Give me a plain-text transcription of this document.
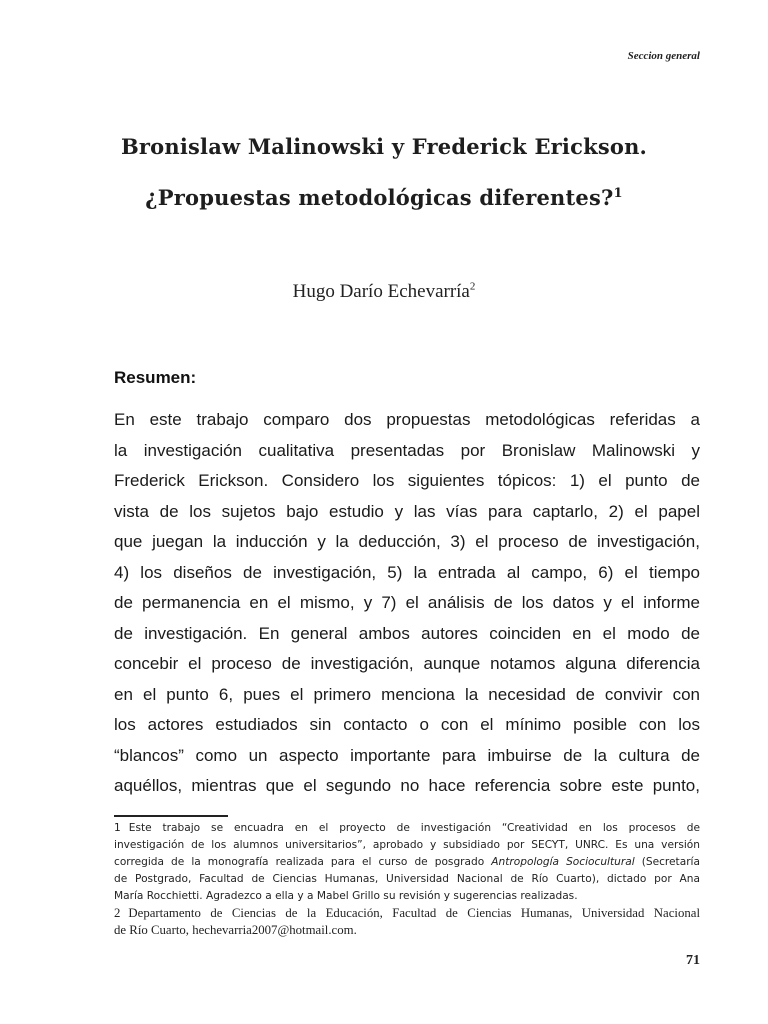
Seccion general
Bronislaw Malinowski y Frederick Erickson.
¿Propuestas metodológicas diferentes?$^1$
Hugo Darío Echevarría$^2$
Resumen:
En este trabajo comparo dos propuestas metodológicas referidas a
la investigación cualitativa presentadas por Bronislaw Malinowski y
Frederick Erickson. Considero los siguientes tópicos: 1) el punto de
vista de los sujetos bajo estudio y las vías para captarlo, 2) el papel
que juegan la inducción y la deducción, 3) el proceso de investigación,
4) los diseños de investigación, 5) la entrada al campo, 6) el tiempo
de permanencia en el mismo, y 7) el análisis de los datos y el informe
de investigación. En general ambos autores coinciden en el modo de
concebir el proceso de investigación, aunque notamos alguna diferencia
en el punto 6, pues el primero menciona la necesidad de convivir con
los actores estudiados sin contacto o con el mínimo posible con los
“blancos” como un aspecto importante para imbuirse de la cultura de
aquéllos, mientras que el segundo no hace referencia sobre este punto,
1 Este trabajo se encuadra en el proyecto de investigación “Creatividad en los procesos de
investigación de los alumnos universitarios”, aprobado y subsidiado por SECYT, UNRC. Es una versión
corregida de la monografía realizada para el curso de posgrado Antropología Sociocultural (Secretaría
de Postgrado, Facultad de Ciencias Humanas, Universidad Nacional de Río Cuarto), dictado por Ana
María Rocchietti. Agradezco a ella y a Mabel Grillo su revisión y sugerencias realizadas.
2 Departamento de Ciencias de la Educación, Facultad de Ciencias Humanas, Universidad Nacional
de Río Cuarto, hechevarria2007@hotmail.com.
71
